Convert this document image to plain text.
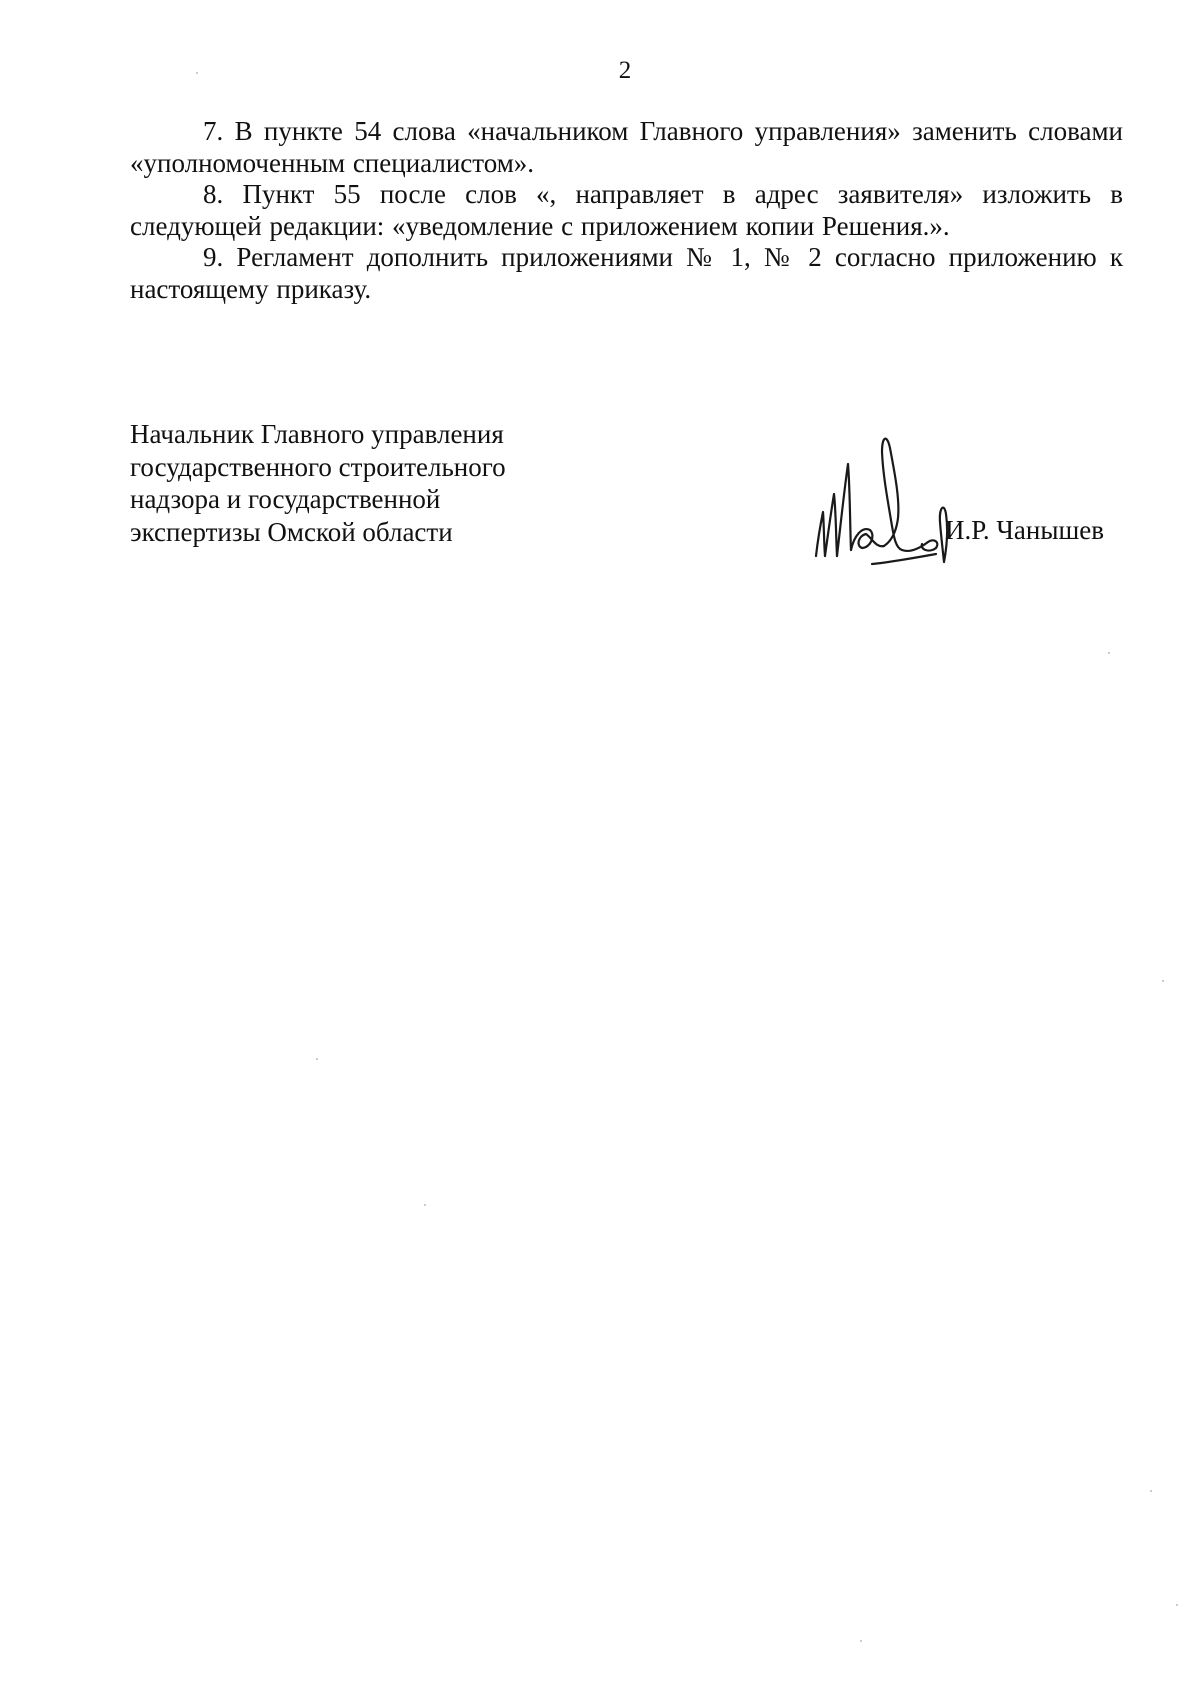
2

7. В пункте 54 слова «начальником Главного управления» заменить словами «уполномоченным специалистом».

8. Пункт 55 после слов «, направляет в адрес заявителя» изложить в следующей редакции: «уведомление с приложением копии Решения.».

9. Регламент дополнить приложениями № 1, № 2 согласно приложению к настоящему приказу.

Начальник Главного управления
государственного строительного
надзора и государственной
экспертизы Омской области	И.Р. Чанышев
